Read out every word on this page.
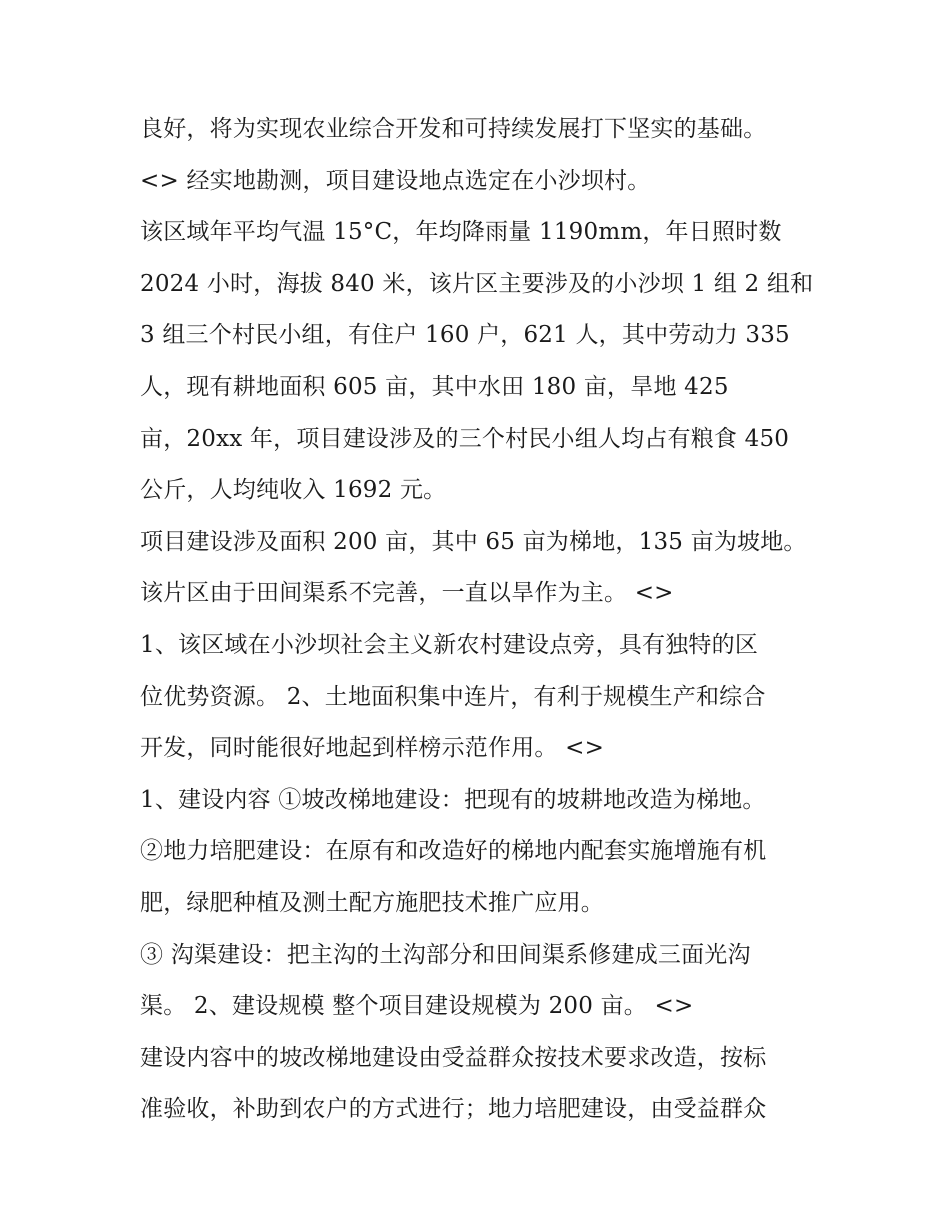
良好，将为实现农业综合开发和可持续发展打下坚实的基础。
<> 经实地勘测，项目建设地点选定在小沙坝村。
该区域年平均气温 15°C，年均降雨量 1190mm，年日照时数
2024 小时，海拔 840 米，该片区主要涉及的小沙坝 1 组 2 组和
3 组三个村民小组，有住户 160 户，621 人，其中劳动力 335
人，现有耕地面积 605 亩，其中水田 180 亩，旱地 425
亩，20xx 年，项目建设涉及的三个村民小组人均占有粮食 450
公斤，人均纯收入 1692 元。
项目建设涉及面积 200 亩，其中 65 亩为梯地，135 亩为坡地。
该片区由于田间渠系不完善，一直以旱作为主。 <>
1、该区域在小沙坝社会主义新农村建设点旁，具有独特的区
位优势资源。 2、土地面积集中连片，有利于规模生产和综合
开发，同时能很好地起到样榜示范作用。 <>
1、建设内容 ①坡改梯地建设：把现有的坡耕地改造为梯地。
②地力培肥建设：在原有和改造好的梯地内配套实施增施有机
肥，绿肥种植及测土配方施肥技术推广应用。
③ 沟渠建设：把主沟的土沟部分和田间渠系修建成三面光沟
渠。 2、建设规模 整个项目建设规模为 200 亩。 <>
建设内容中的坡改梯地建设由受益群众按技术要求改造，按标
准验收，补助到农户的方式进行；地力培肥建设，由受益群众
